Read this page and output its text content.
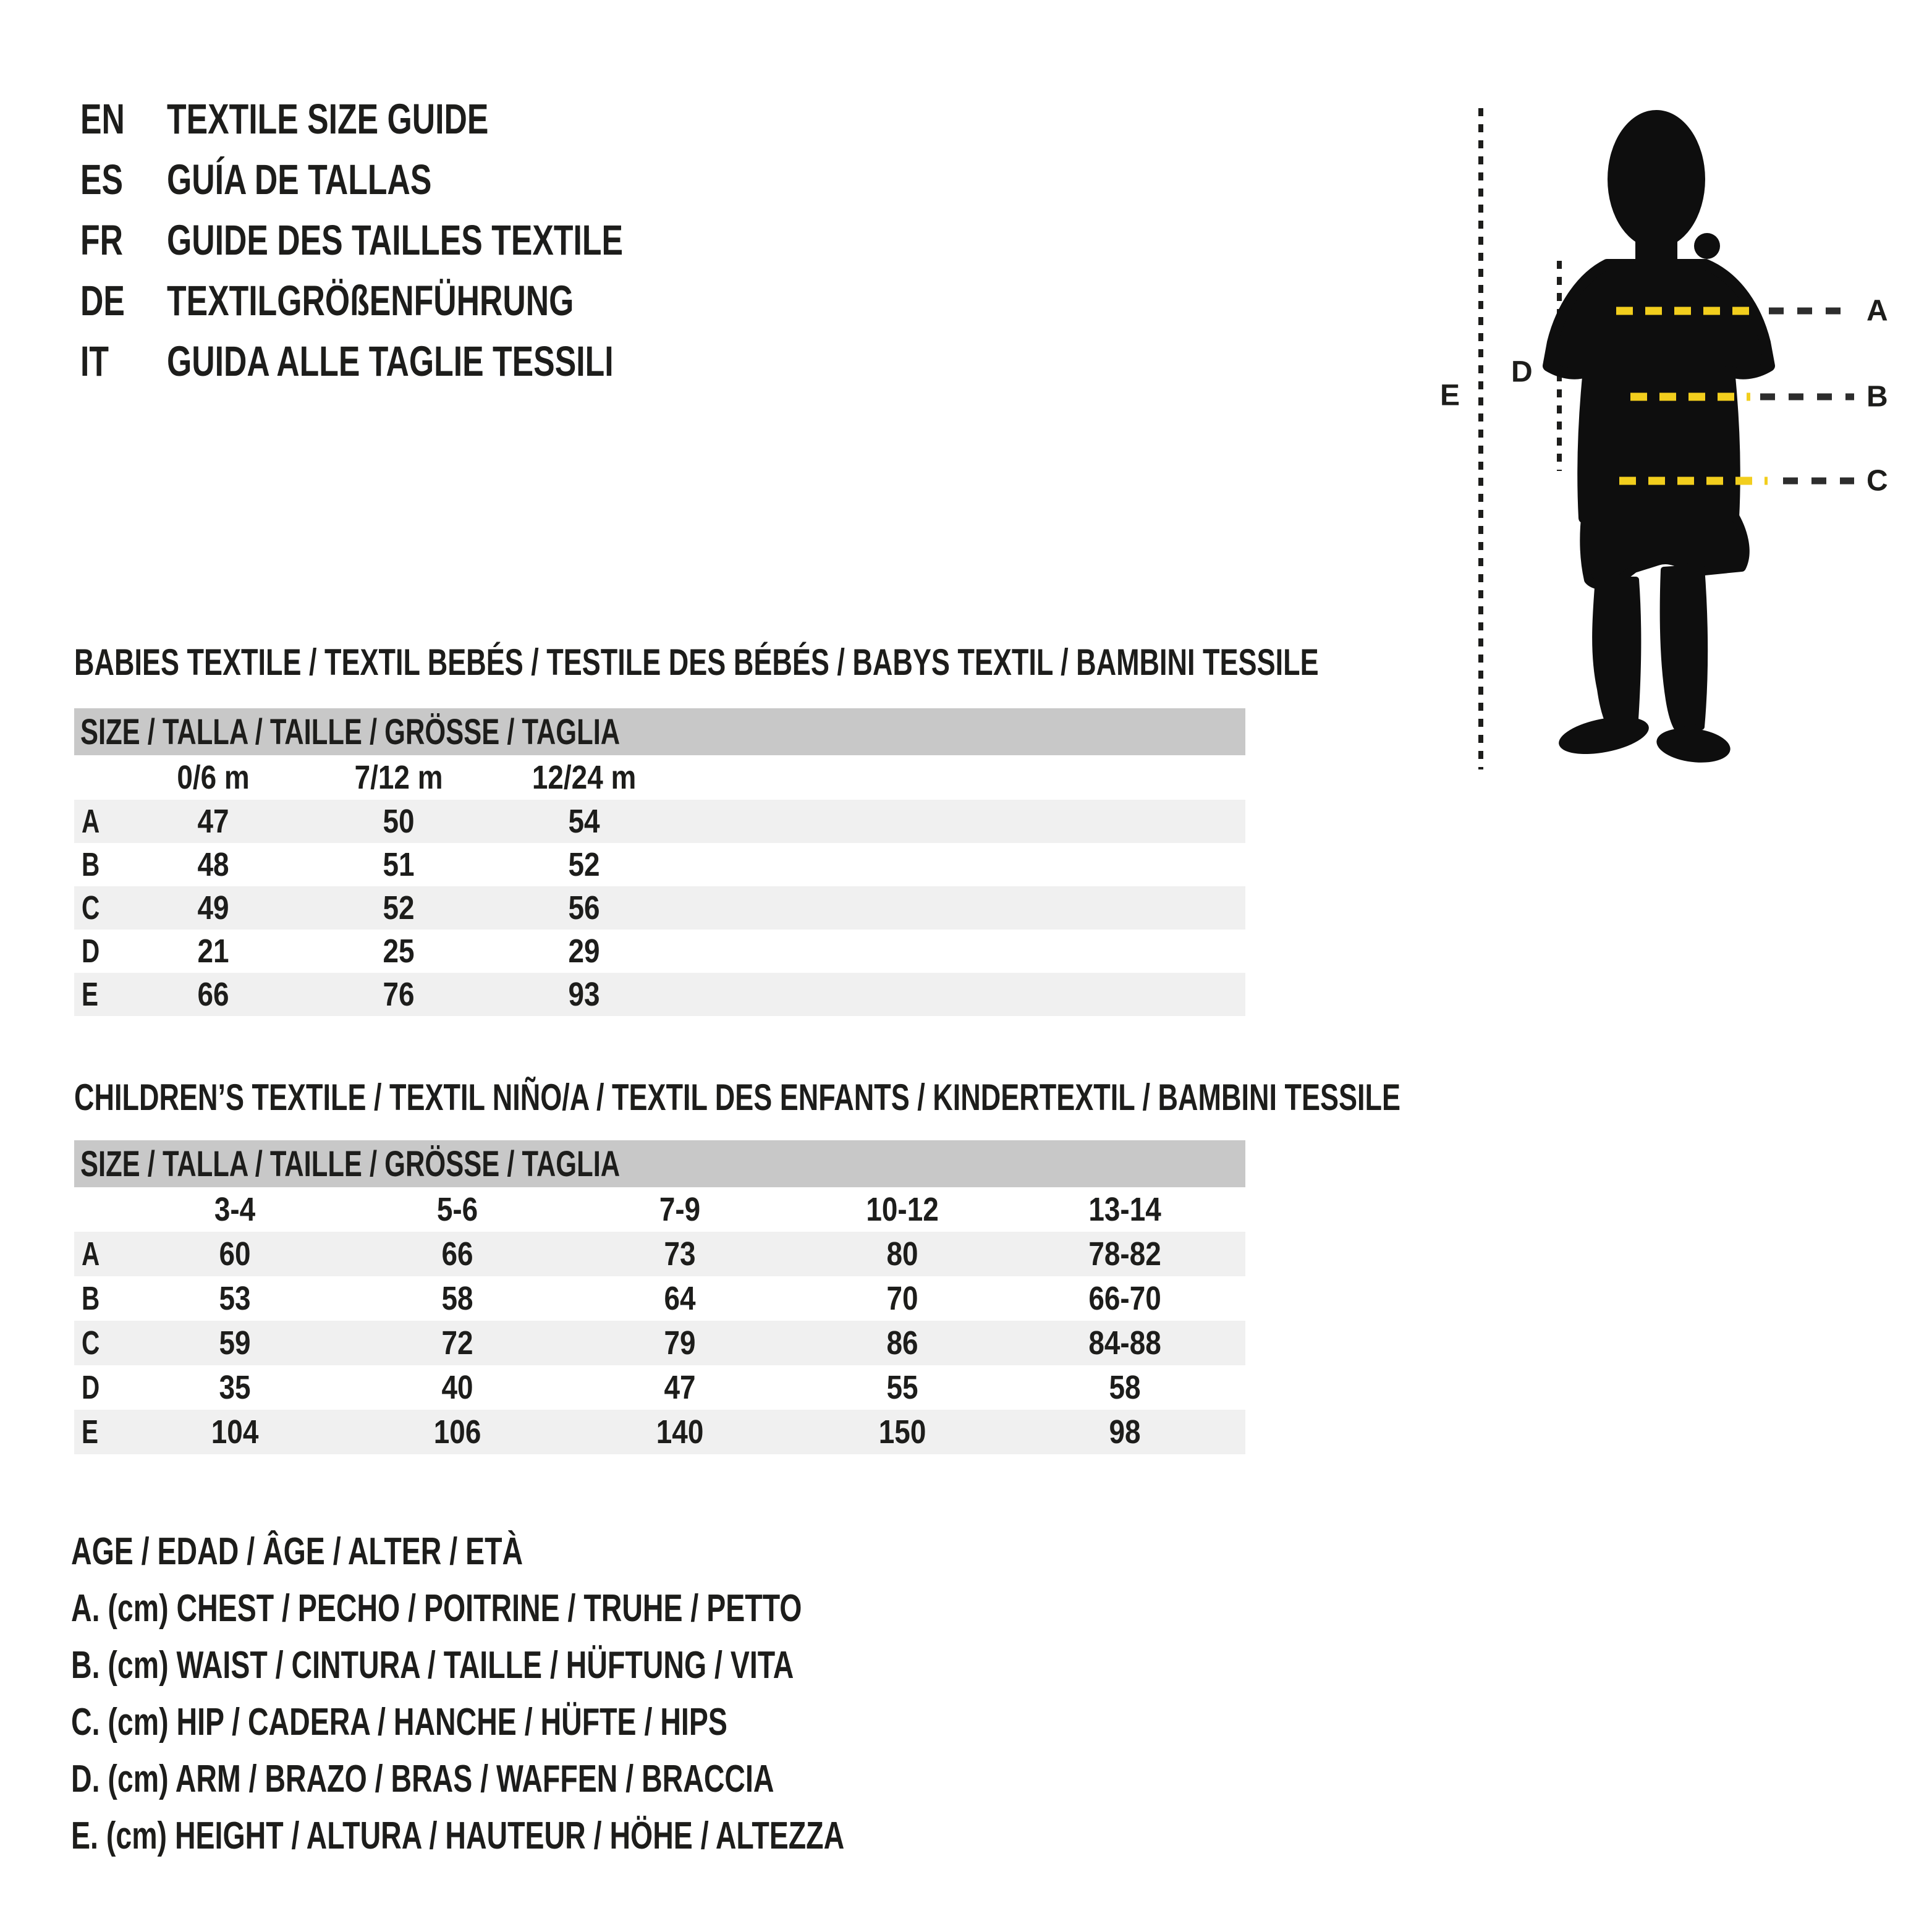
EN TEXTILE SIZE GUIDE
ES	GUÍA DE TALLAS
FR	GUIDE DES TAILLES TEXTILE
DE TEXTILGRÖßENFÜHRUNG
IT	GUIDA ALLE TAGLIE TESSILI
A
B
C
D
E
BABIES TEXTILE / TEXTIL BEBÉS / TESTILE DES BÉBÉS / BABYS TEXTIL / BAMBINI TESSILE
SIZE / TALLA / TAILLE / GRÖSSE / TAGLIA
0/6 m	7/12 m	12/24 m
A	47	50	54
B	48	51	52
C	49	52	56
D	21	25	29
E	66	76	93
CHILDREN’S TEXTILE / TEXTIL NIÑO/A / TEXTIL DES ENFANTS / KINDERTEXTIL / BAMBINI TESSILE
SIZE / TALLA / TAILLE / GRÖSSE / TAGLIA
3-4	5-6	7-9	10-12	13-14
A	60	66	73	80	78-82
B	53	58	64	70	66-70
C	59	72	79	86	84-88
D	35	40	47	55	58
E	104	106	140	150	98
AGE / EDAD / ÂGE / ALTER / ETÀ
A. (cm) CHEST / PECHO / POITRINE / TRUHE / PETTO
B. (cm) WAIST / CINTURA / TAILLE / HÜFTUNG / VITA
C. (cm) HIP / CADERA / HANCHE / HÜFTE / HIPS
D. (cm) ARM / BRAZO / BRAS / WAFFEN / BRACCIA
E. (cm) HEIGHT / ALTURA / HAUTEUR / HÖHE / ALTEZZA
